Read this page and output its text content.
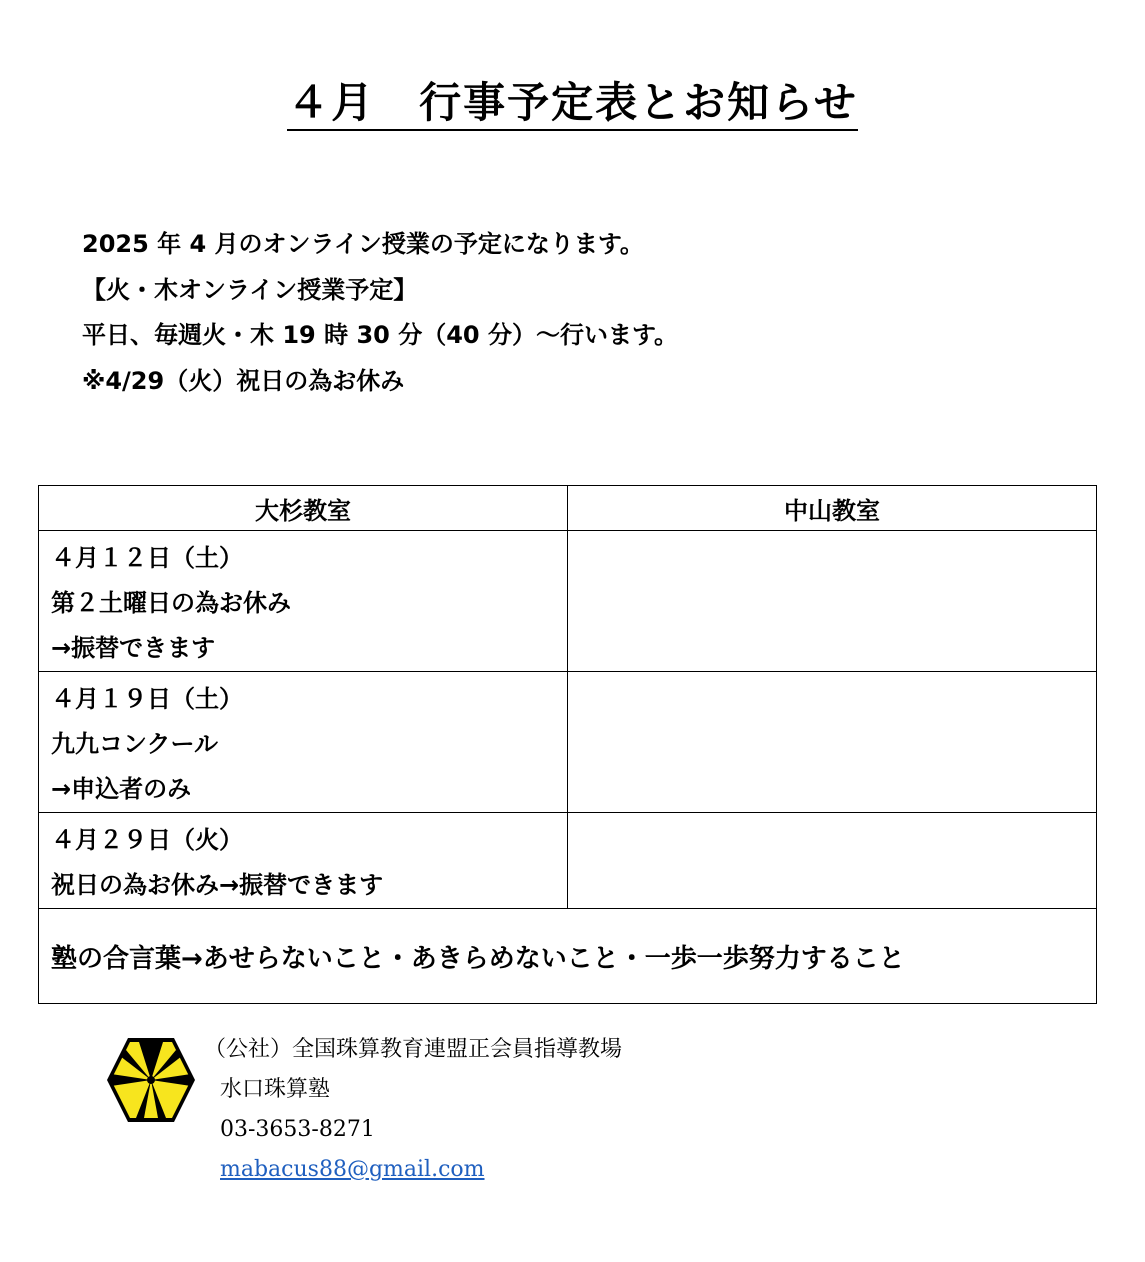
４月　行事予定表とお知らせ
2025 年 4 月のオンライン授業の予定になります。
【火・木オンライン授業予定】
平日、毎週火・木 19 時 30 分（40 分）～行います。
※4/29（火）祝日の為お休み
大杉教室	中山教室

４月１２日（土）
第２土曜日の為お休み
→振替できます	

４月１９日（土）
九九コンクール
→申込者のみ	

４月２９日（火）
祝日の為お休み→振替できます	

塾の合言葉→あせらないこと・あきらめないこと・一歩一歩努力すること	
（公社）全国珠算教育連盟正会員指導教場
水口珠算塾
03-3653-8271
mabacus88@gmail.com
